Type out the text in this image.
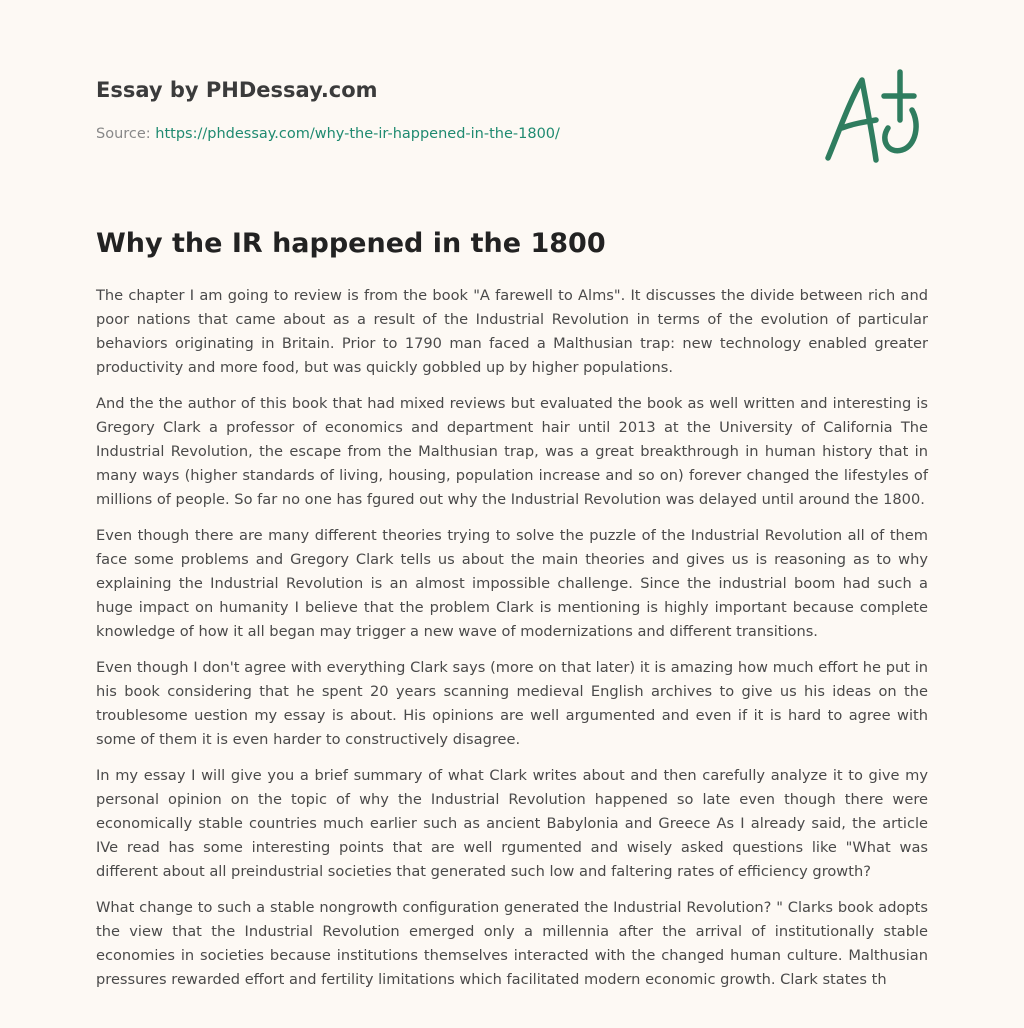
Essay by PHDessay.com
Source: https://phdessay.com/why-the-ir-happened-in-the-1800/
Why the IR happened in the 1800

The chapter I am going to review is from the book "A farewell to Alms". It discusses the divide between rich and poor nations that came about as a result of the Industrial Revolution in terms of the evolution of particular behaviors originating in Britain. Prior to 1790 man faced a Malthusian trap: new technology enabled greater productivity and more food, but was quickly gobbled up by higher populations.

And the the author of this book that had mixed reviews but evaluated the book as well written and interesting is Gregory Clark a professor of economics and department hair until 2013 at the University of California The Industrial Revolution, the escape from the Malthusian trap, was a great breakthrough in human history that in many ways (higher standards of living, housing, population increase and so on) forever changed the lifestyles of millions of people. So far no one has fgured out why the Industrial Revolution was delayed until around the 1800.

Even though there are many different theories trying to solve the puzzle of the Industrial Revolution all of them face some problems and Gregory Clark tells us about the main theories and gives us is reasoning as to why explaining the Industrial Revolution is an almost impossible challenge. Since the industrial boom had such a huge impact on humanity I believe that the problem Clark is mentioning is highly important because complete knowledge of how it all began may trigger a new wave of modernizations and different transitions.

Even though I don't agree with everything Clark says (more on that later) it is amazing how much effort he put in his book considering that he spent 20 years scanning medieval English archives to give us his ideas on the troublesome uestion my essay is about. His opinions are well argumented and even if it is hard to agree with some of them it is even harder to constructively disagree.

In my essay I will give you a brief summary of what Clark writes about and then carefully analyze it to give my personal opinion on the topic of why the Industrial Revolution happened so late even though there were economically stable countries much earlier such as ancient Babylonia and Greece As I already said, the article IVe read has some interesting points that are well rgumented and wisely asked questions like "What was different about all preindustrial societies that generated such low and faltering rates of efficiency growth?

What change to such a stable nongrowth configuration generated the Industrial Revolution? " Clarks book adopts the view that the Industrial Revolution emerged only a millennia after the arrival of institutionally stable economies in societies because institutions themselves interacted with the changed human culture. Malthusian pressures rewarded effort and fertility limitations which facilitated modern economic growth. Clark states th
